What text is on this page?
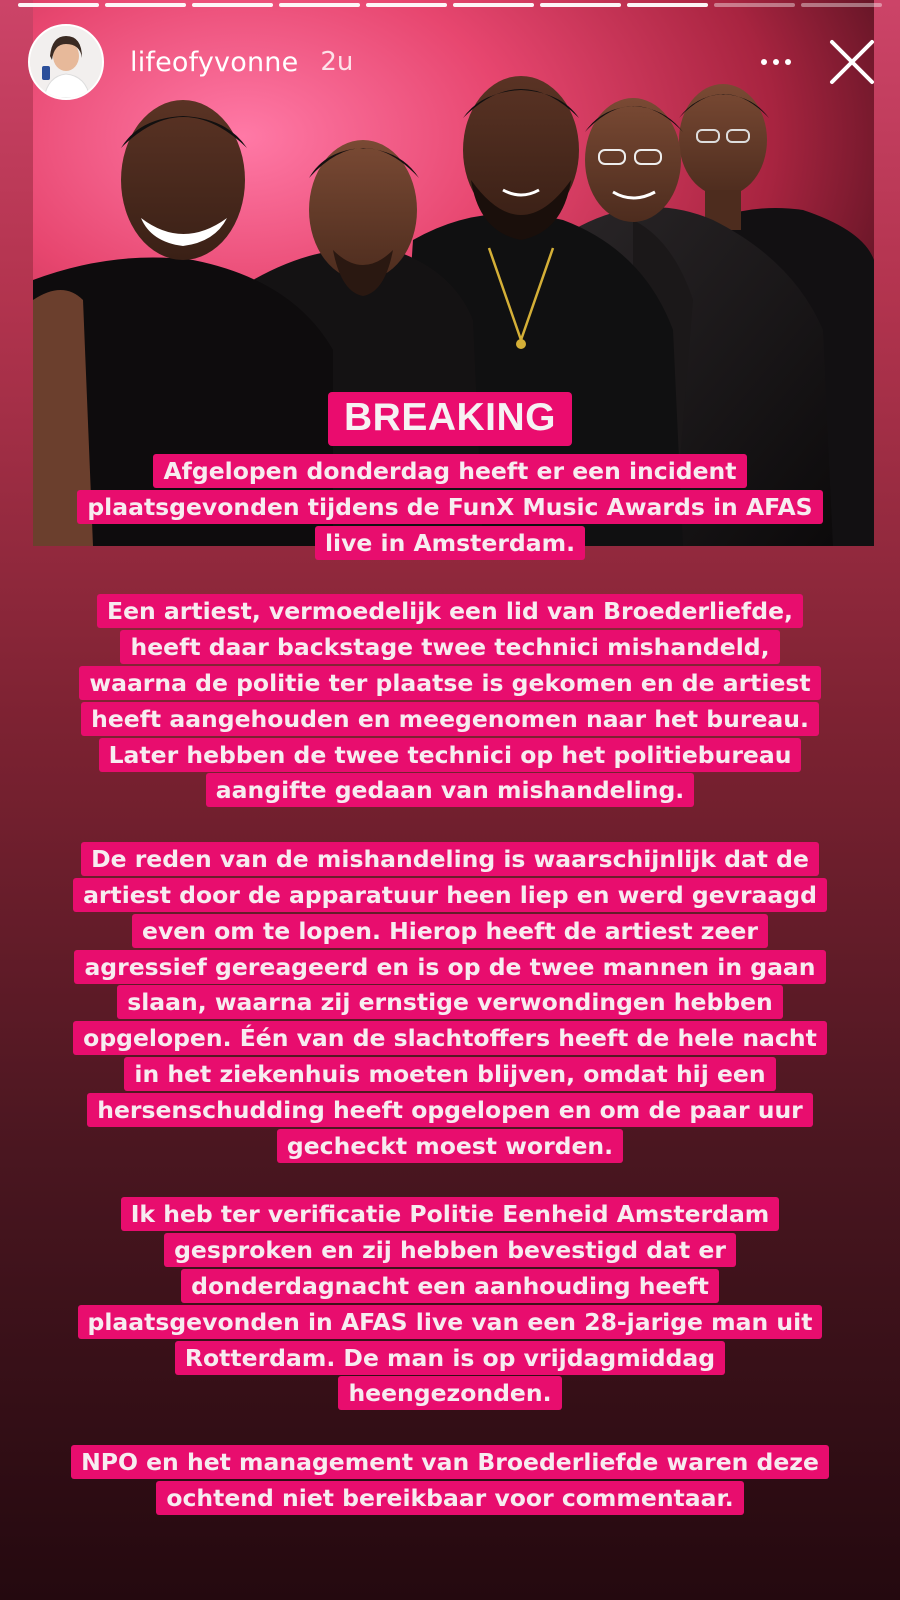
lifeofyvonne 2u
BREAKING
Afgelopen donderdag heeft er een incident
plaatsgevonden tijdens de FunX Music Awards in AFAS
live in Amsterdam.
Een artiest, vermoedelijk een lid van Broederliefde,
heeft daar backstage twee technici mishandeld,
waarna de politie ter plaatse is gekomen en de artiest
heeft aangehouden en meegenomen naar het bureau.
Later hebben de twee technici op het politiebureau
aangifte gedaan van mishandeling.
De reden van de mishandeling is waarschijnlijk dat de
artiest door de apparatuur heen liep en werd gevraagd
even om te lopen. Hierop heeft de artiest zeer
agressief gereageerd en is op de twee mannen in gaan
slaan, waarna zij ernstige verwondingen hebben
opgelopen. Één van de slachtoffers heeft de hele nacht
in het ziekenhuis moeten blijven, omdat hij een
hersenschudding heeft opgelopen en om de paar uur
gecheckt moest worden.
Ik heb ter verificatie Politie Eenheid Amsterdam
gesproken en zij hebben bevestigd dat er
donderdagnacht een aanhouding heeft
plaatsgevonden in AFAS live van een 28-jarige man uit
Rotterdam. De man is op vrijdagmiddag
heengezonden.
NPO en het management van Broederliefde waren deze
ochtend niet bereikbaar voor commentaar.
